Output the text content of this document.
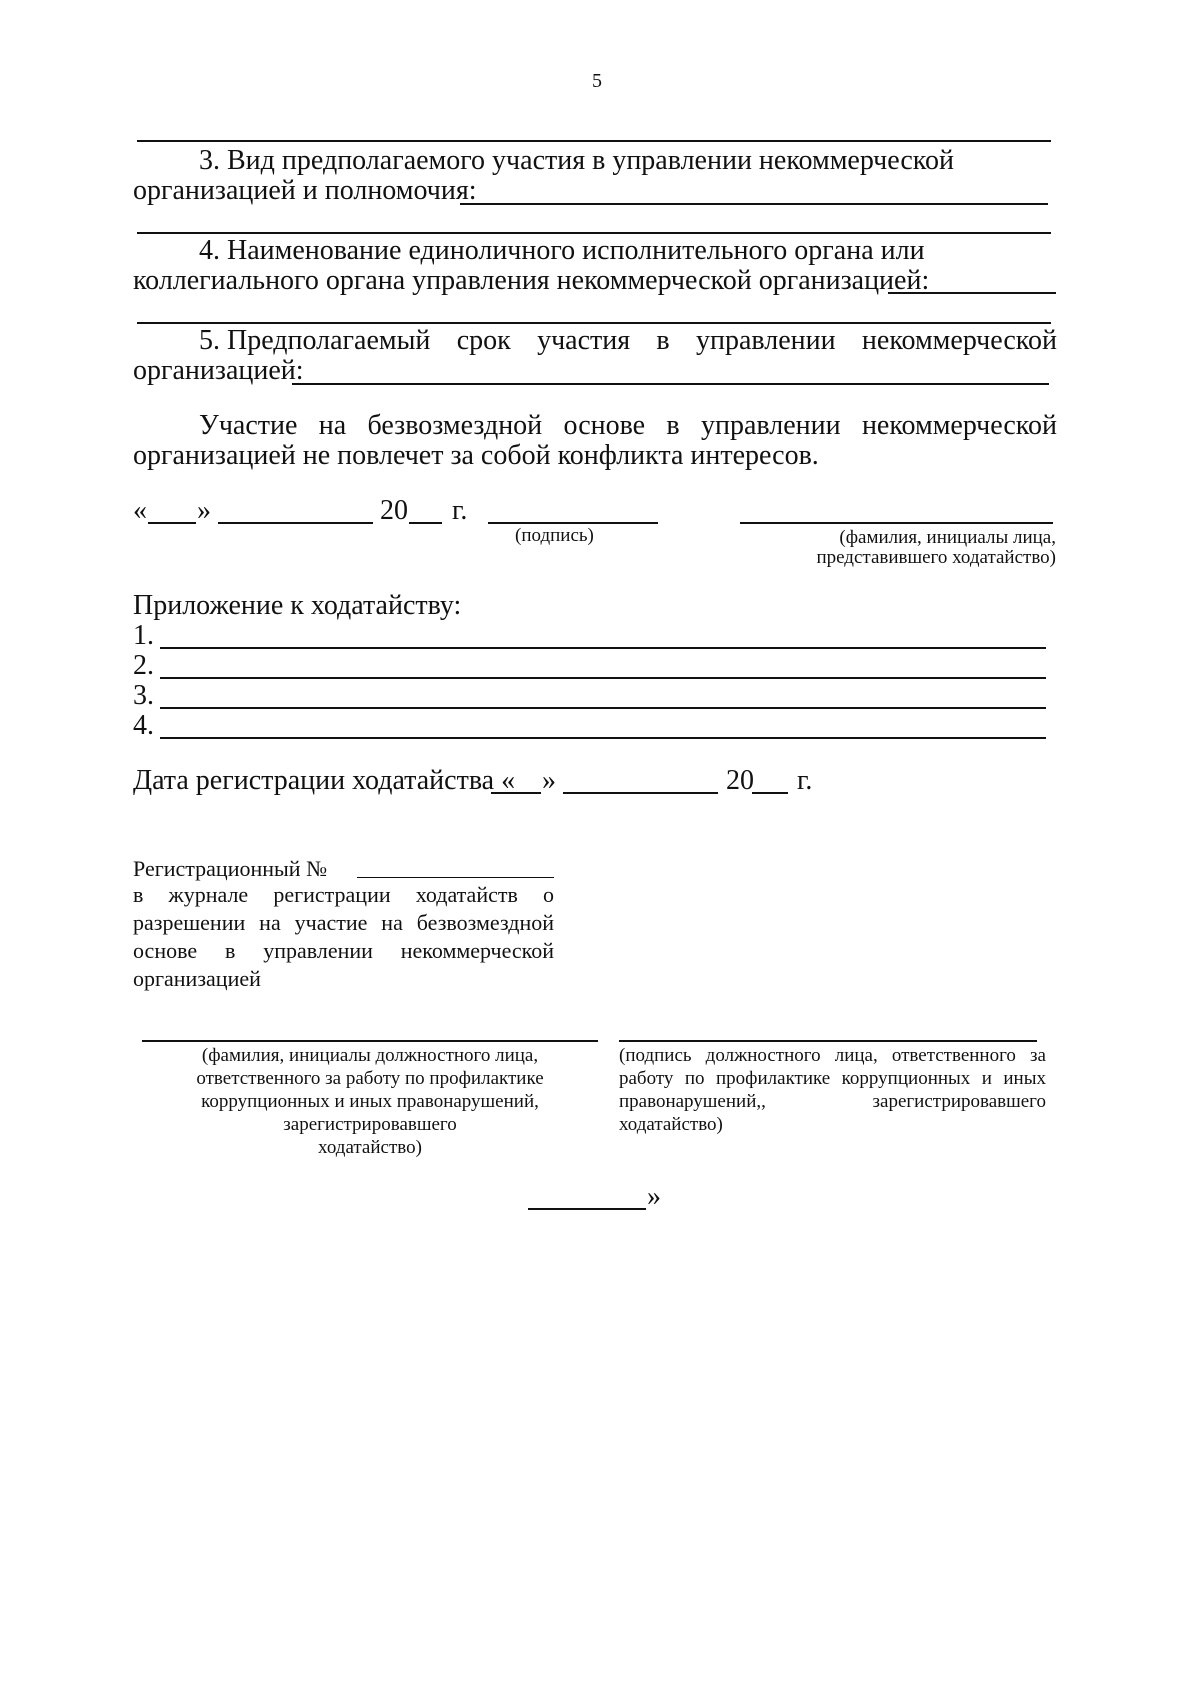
5
3. Вид предполагаемого участия в управлении некоммерческой
организацией и полномочия:
4. Наименование единоличного исполнительного органа или
коллегиального органа управления некоммерческой организацией:
5. Предполагаемый срок участия в управлении некоммерческой
организацией:
Участие на безвозмездной основе в управлении некоммерческой
организацией не повлечет за собой конфликта интересов.
« »	20 г.
(подпись)	(фамилия, инициалы лица,
представившего ходатайство)
Приложение к ходатайству:
1.
2.
3.
4.
Дата регистрации ходатайства « »	20 г.
Регистрационный №
в журнале регистрации ходатайств о
разрешении на участие на безвозмездной
основе в управлении некоммерческой
организацией
(фамилия, инициалы должностного лица,
ответственного за работу по профилактике
коррупционных и иных правонарушений,
зарегистрировавшего
ходатайство)
(подпись должностного лица, ответственного за
работу по профилактике коррупционных и иных
правонарушений,, зарегистрировавшего ходатайство)
»
